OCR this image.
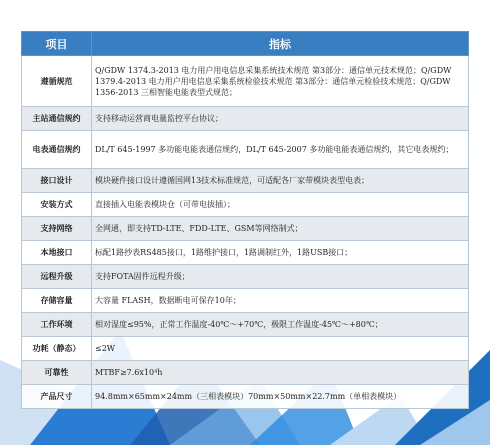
项目	指标
遵循规范	Q/GDW 1374.3-2013 电力用户用电信息采集系统技术规范 第3部分：通信单元技术规范；Q/GDW 1379.4-2013 电力用户用电信息采集系统检验技术规范 第3部分：通信单元检验技术规范；Q/GDW 1356-2013 三相智能电能表型式规范；
主站通信规约	支持移动运营商电量监控平台协议；
电表通信规约	DL/T 645-1997 多功能电能表通信规约，DL/T 645-2007 多功能电能表通信规约，其它电表规约；
接口设计	模块硬件接口设计遵循国网13技术标准规范，可适配各厂家带模块表型电表；
安装方式	直接插入电能表模块仓（可带电拔插）；
支持网络	全网通，即支持TD-LTE、FDD-LTE、GSM等网络制式；
本地接口	标配1路抄表RS485接口，1路维护接口，1路调制红外，1路USB接口；
远程升级	支持FOTA固件远程升级；
存储容量	大容量 FLASH，数据断电可保存10年；
工作环境	相对湿度≤95%，正常工作温度-40℃～+70℃，极限工作温度-45℃～+80℃；
功耗（静态）	≤2W
可靠性	MTBF≥7.6x10⁴h
产品尺寸	94.8mm×65mm×24mm（三相表模块）70mm×50mm×22.7mm（单相表模块）
